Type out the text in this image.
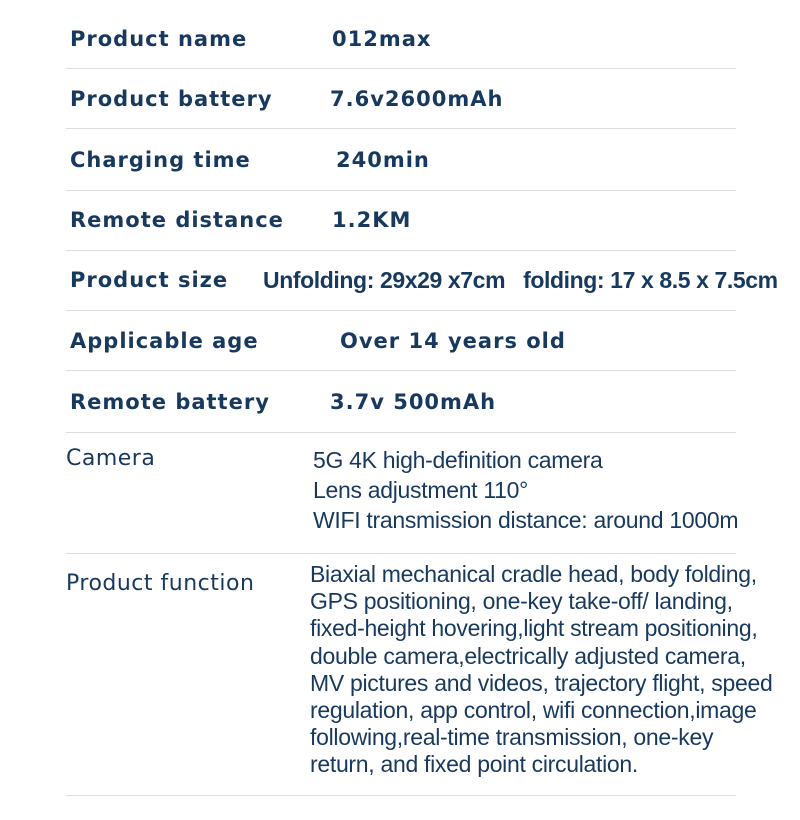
Product name	012max
Product battery	7.6v2600mAh
Charging time	240min
Remote distance 1.2KM
Product size Unfolding: 29x29 x7cm   folding: 17 x 8.5 x 7.5cm
Applicable age	Over 14 years old
Remote battery	3.7v 500mAh
Camera	5G 4K high-definition camera
Lens adjustment 110°
WIFI transmission distance: around 1000m
Product function Biaxial mechanical cradle head, body folding,
GPS positioning, one-key take-off/ landing,
fixed-height hovering,light stream positioning,
double camera,electrically adjusted camera,
MV pictures and videos, trajectory flight, speed
regulation, app control, wifi connection,image
following,real-time transmission, one-key
return, and fixed point circulation.
